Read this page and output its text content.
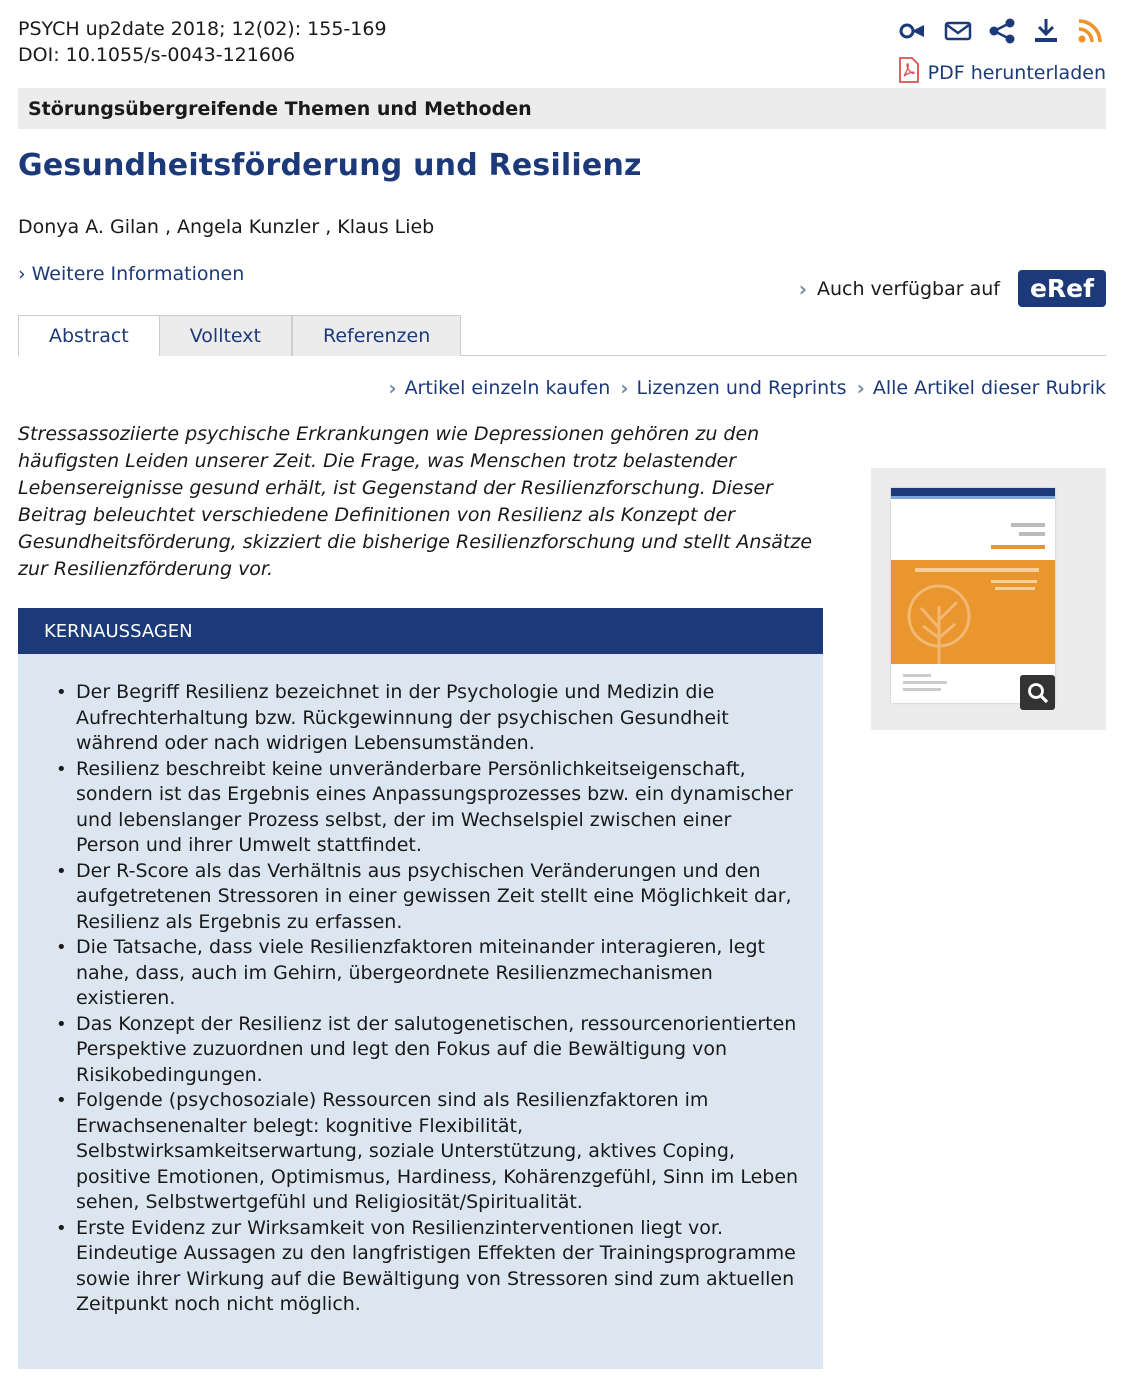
PSYCH up2date 2018; 12(02): 155-169
DOI: 10.1055/s-0043-121606
PDF herunterladen
Störungsübergreifende Themen und Methoden
Gesundheitsförderung und Resilienz
Donya A. Gilan , Angela Kunzler , Klaus Lieb
› Weitere Informationen
› Auch verfügbar auf	eRef
Abstract	Volltext	Referenzen
› Artikel einzeln kaufen › Lizenzen und Reprints › Alle Artikel dieser Rubrik

Stressassoziierte psychische Erkrankungen wie Depressionen gehören zu den häufigsten Leiden unserer Zeit. Die Frage, was Menschen trotz belastender Lebensereignisse gesund erhält, ist Gegenstand der Resilienzforschung. Dieser Beitrag beleuchtet verschiedene Definitionen von Resilienz als Konzept der Gesundheitsförderung, skizziert die bisherige Resilienzforschung und stellt Ansätze zur Resilienzförderung vor.

KERNAUSSAGEN
• Der Begriff Resilienz bezeichnet in der Psychologie und Medizin die Aufrechterhaltung bzw. Rückgewinnung der psychischen Gesundheit während oder nach widrigen Lebensumständen.
• Resilienz beschreibt keine unveränderbare Persönlichkeitseigenschaft, sondern ist das Ergebnis eines Anpassungsprozesses bzw. ein dynamischer und lebenslanger Prozess selbst, der im Wechselspiel zwischen einer Person und ihrer Umwelt stattfindet.
• Der R-Score als das Verhältnis aus psychischen Veränderungen und den aufgetretenen Stressoren in einer gewissen Zeit stellt eine Möglichkeit dar, Resilienz als Ergebnis zu erfassen.
• Die Tatsache, dass viele Resilienzfaktoren miteinander interagieren, legt nahe, dass, auch im Gehirn, übergeordnete Resilienzmechanismen existieren.
• Das Konzept der Resilienz ist der salutogenetischen, ressourcenorientierten Perspektive zuzuordnen und legt den Fokus auf die Bewältigung von Risikobedingungen.
• Folgende (psychosoziale) Ressourcen sind als Resilienzfaktoren im Erwachsenenalter belegt: kognitive Flexibilität, Selbstwirksamkeitserwartung, soziale Unterstützung, aktives Coping, positive Emotionen, Optimismus, Hardiness, Kohärenzgefühl, Sinn im Leben sehen, Selbstwertgefühl und Religiosität/Spiritualität.
• Erste Evidenz zur Wirksamkeit von Resilienzinterventionen liegt vor. Eindeutige Aussagen zu den langfristigen Effekten der Trainingsprogramme sowie ihrer Wirkung auf die Bewältigung von Stressoren sind zum aktuellen Zeitpunkt noch nicht möglich.
